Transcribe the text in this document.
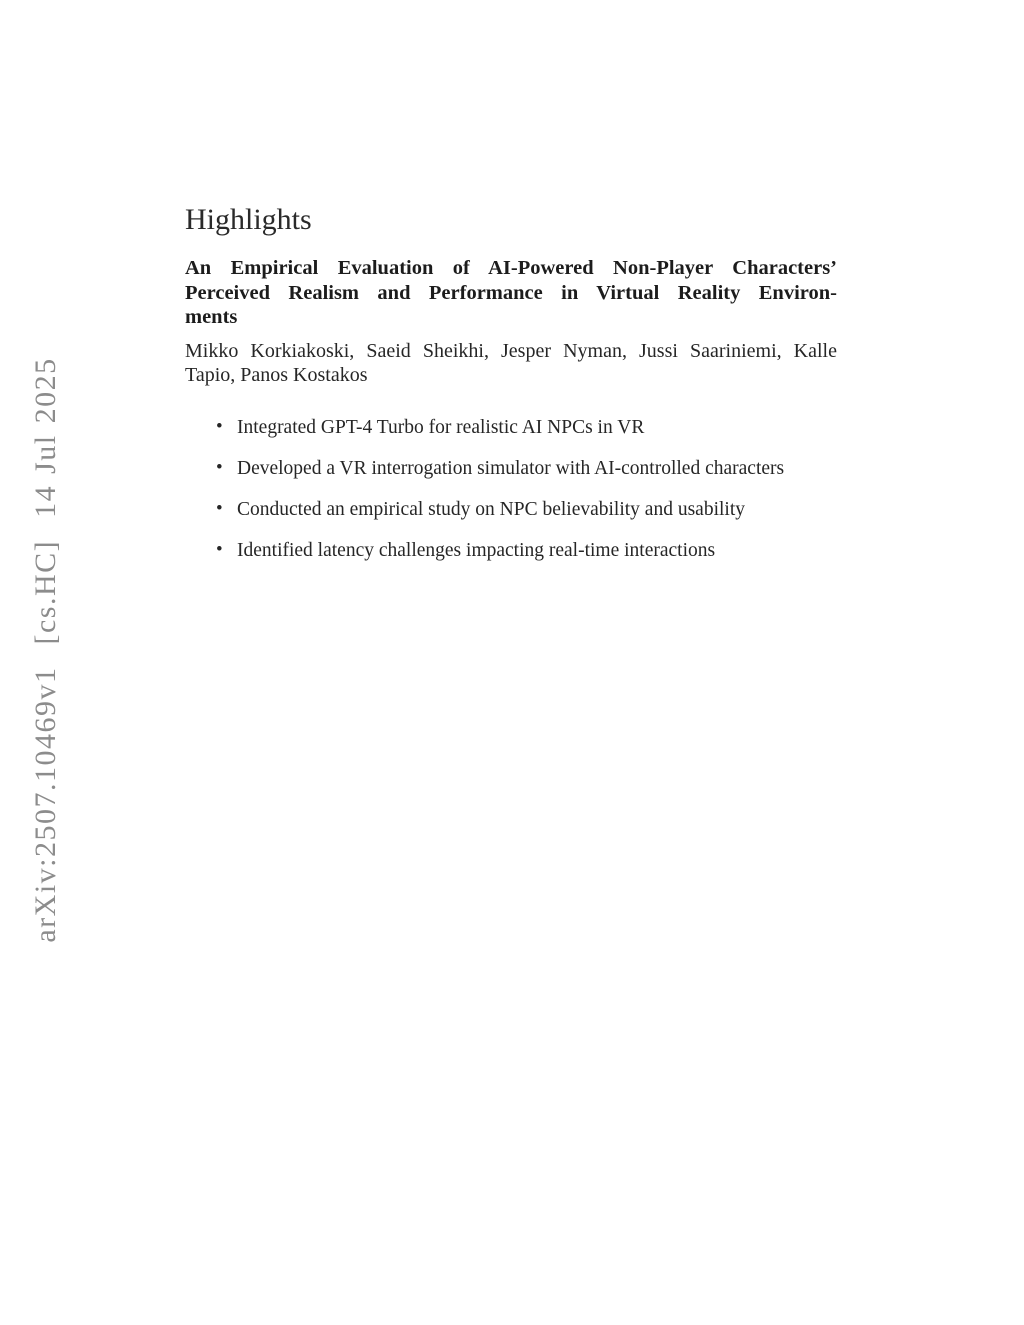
arXiv:2507.10469v1  [cs.HC]  14 Jul 2025
Highlights
An Empirical Evaluation of AI-Powered Non-Player Characters’
Perceived Realism and Performance in Virtual Reality Environ-
ments
Mikko Korkiakoski, Saeid Sheikhi, Jesper Nyman, Jussi Saariniemi, Kalle
Tapio, Panos Kostakos
• Integrated GPT-4 Turbo for realistic AI NPCs in VR
• Developed a VR interrogation simulator with AI-controlled characters
• Conducted an empirical study on NPC believability and usability
• Identified latency challenges impacting real-time interactions
